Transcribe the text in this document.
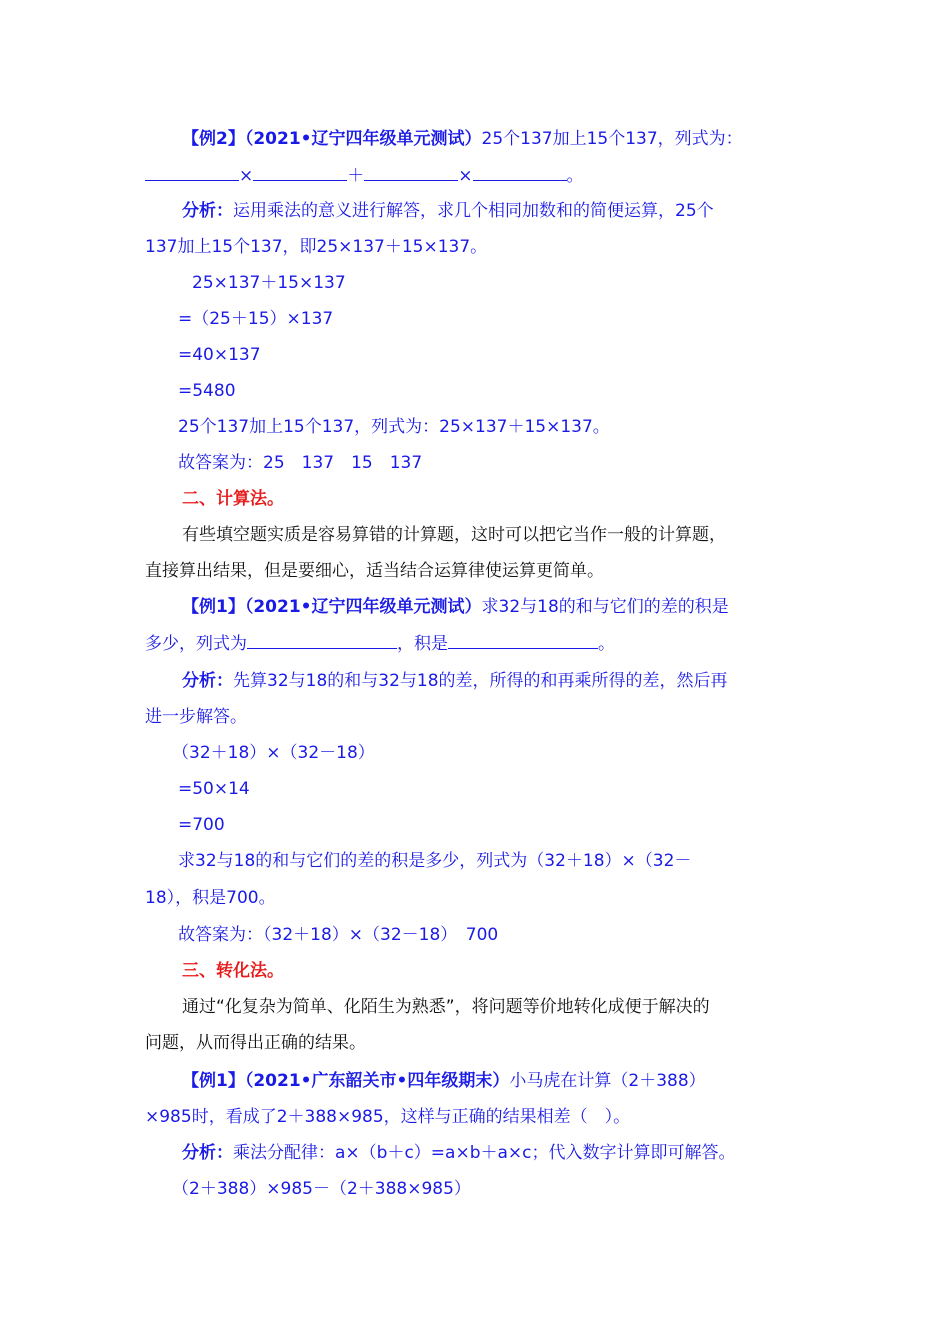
【例2】（2021•辽宁四年级单元测试）25个137加上15个137，列式为：
×	＋	×	。
分析：运用乘法的意义进行解答，求几个相同加数和的简便运算，25个
137加上15个137，即25×137＋15×137。
25×137＋15×137
=（25＋15）×137
=40×137
=5480
25个137加上15个137，列式为：25×137＋15×137。
故答案为：25　137　15　137
二、计算法。
有些填空题实质是容易算错的计算题，这时可以把它当作一般的计算题，
直接算出结果，但是要细心，适当结合运算律使运算更简单。
【例1】（2021•辽宁四年级单元测试）求32与18的和与它们的差的积是
多少，列式为	，积是	。
分析：先算32与18的和与32与18的差，所得的和再乘所得的差，然后再
进一步解答。
（32＋18）×（32－18）
=50×14
=700
求32与18的和与它们的差的积是多少，列式为（32＋18）×（32－
18），积是700。
故答案为：（32＋18）×（32－18）　700
三、转化法。
通过“化复杂为简单、化陌生为熟悉”，将问题等价地转化成便于解决的
问题，从而得出正确的结果。
【例1】（2021•广东韶关市•四年级期末）小马虎在计算（2＋388）
×985时，看成了2＋388×985，这样与正确的结果相差（　）。
分析：乘法分配律：a×（b＋c）=a×b＋a×c；代入数字计算即可解答。
（2＋388）×985－（2＋388×985）
